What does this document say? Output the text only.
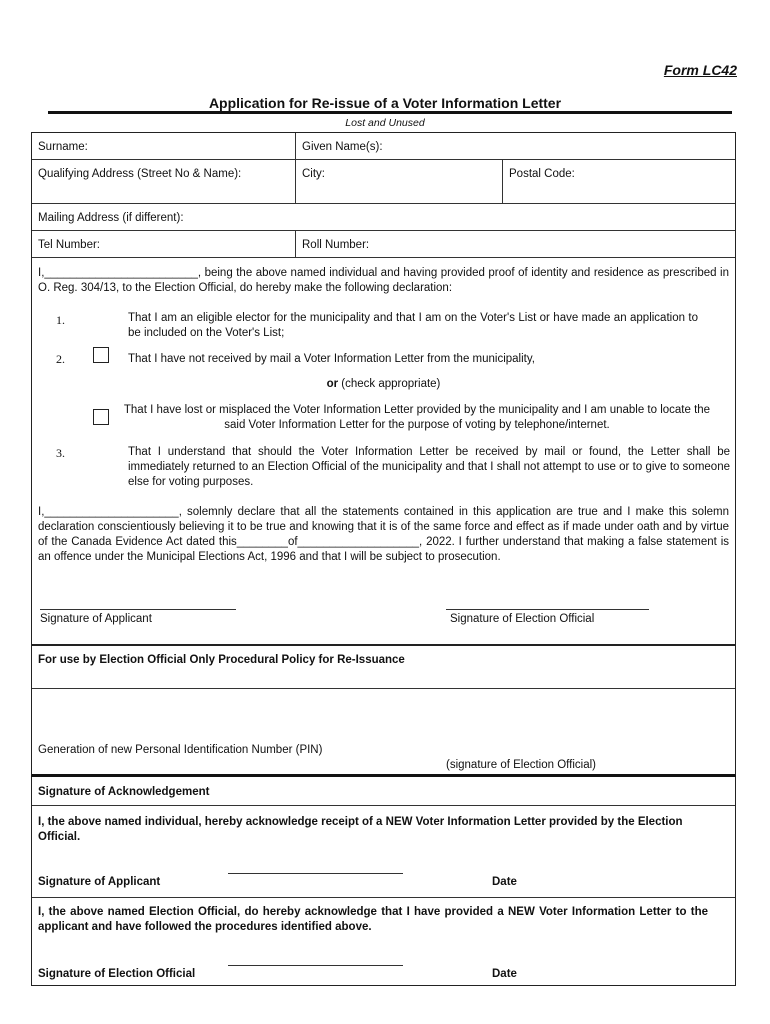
Form LC42
Application for Re-issue of a Voter Information Letter
Lost and Unused
Surname:	Given Name(s):
Qualifying Address (Street No & Name):	City:	Postal Code:
Mailing Address (if different):
Tel Number:	Roll Number:
I,________________________, being the above named individual and having provided proof of identity and residence as prescribed in O. Reg. 304/13, to the Election Official, do hereby make the following declaration:
1.	That I am an eligible elector for the municipality and that I am on the Voter's List or have made an application to be included on the Voter's List;
2.	That I have not received by mail a Voter Information Letter from the municipality,
or (check appropriate)
That I have lost or misplaced the Voter Information Letter provided by the municipality and I am unable to locate the said Voter Information Letter for the purpose of voting by telephone/internet.
3.	That I understand that should the Voter Information Letter be received by mail or found, the Letter shall be immediately returned to an Election Official of the municipality and that I shall not attempt to use or to give to someone else for voting purposes.
I,_____________________, solemnly declare that all the statements contained in this application are true and I make this solemn declaration conscientiously believing it to be true and knowing that it is of the same force and effect as if made under oath and by virtue of the Canada Evidence Act dated this________of___________________, 2022. I further understand that making a false statement is an offence under the Municipal Elections Act, 1996 and that I will be subject to prosecution.
Signature of Applicant	Signature of Election Official
For use by Election Official Only Procedural Policy for Re-Issuance
Generation of new Personal Identification Number (PIN)
(signature of Election Official)
Signature of Acknowledgement
I, the above named individual, hereby acknowledge receipt of a NEW Voter Information Letter provided by the Election Official.
Signature of Applicant	Date
I, the above named Election Official, do hereby acknowledge that I have provided a NEW Voter Information Letter to the applicant and have followed the procedures identified above.
Signature of Election Official	Date
